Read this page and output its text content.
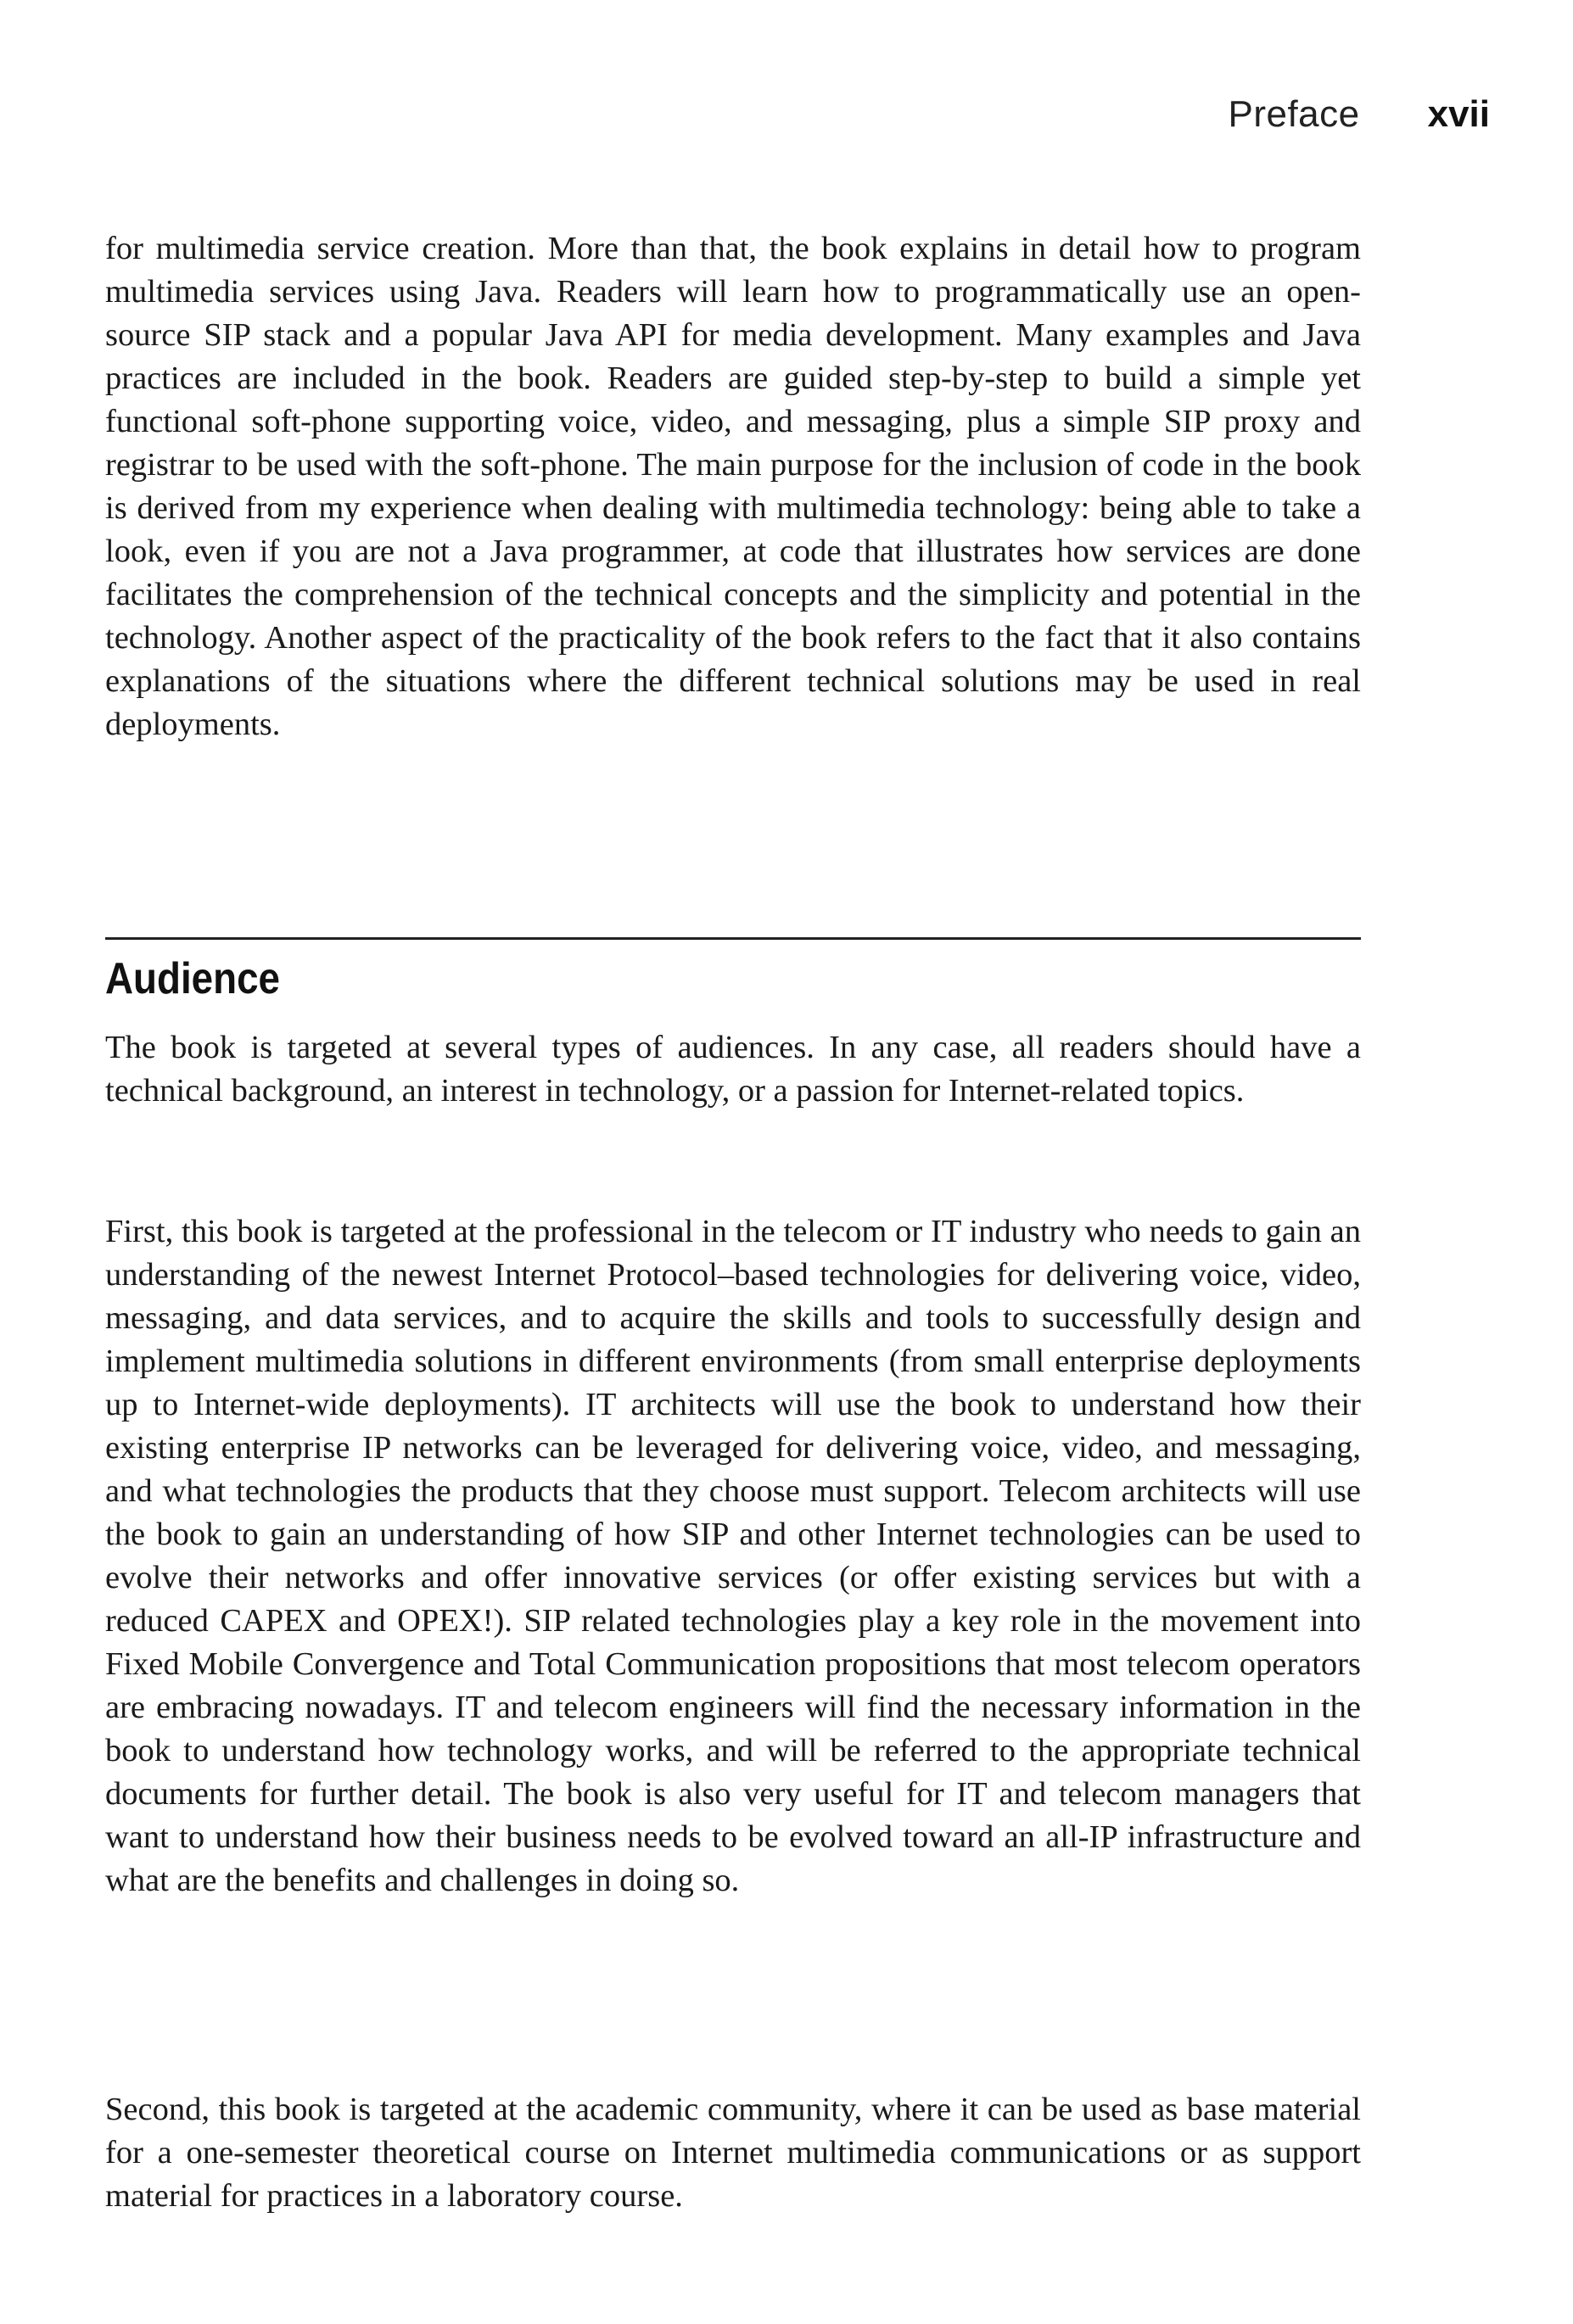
Preface xvii

for multimedia service creation. More than that, the book explains in detail how to program multimedia services using Java. Readers will learn how to programmatically use an open-source SIP stack and a popular Java API for media development. Many examples and Java practices are included in the book. Readers are guided step-by-step to build a simple yet functional soft-phone supporting voice, video, and messaging, plus a simple SIP proxy and registrar to be used with the soft-phone. The main purpose for the inclusion of code in the book is derived from my experience when dealing with multimedia technology: being able to take a look, even if you are not a Java programmer, at code that illustrates how services are done facilitates the comprehension of the technical concepts and the simplicity and potential in the technology. Another aspect of the practicality of the book refers to the fact that it also contains explanations of the situations where the different technical solutions may be used in real deployments.

Audience

The book is targeted at several types of audiences. In any case, all readers should have a technical background, an interest in technology, or a passion for Internet-related topics.

First, this book is targeted at the professional in the telecom or IT industry who needs to gain an understanding of the newest Internet Protocol–based technologies for delivering voice, video, messaging, and data services, and to acquire the skills and tools to successfully design and implement multimedia solutions in different environments (from small enterprise deployments up to Internet-wide deployments). IT architects will use the book to understand how their existing enterprise IP networks can be leveraged for delivering voice, video, and messaging, and what technologies the products that they choose must support. Telecom architects will use the book to gain an understanding of how SIP and other Internet technologies can be used to evolve their networks and offer innovative services (or offer existing services but with a reduced CAPEX and OPEX!). SIP related technologies play a key role in the movement into Fixed Mobile Convergence and Total Communication propositions that most telecom operators are embracing nowadays. IT and telecom engineers will find the necessary information in the book to understand how technology works, and will be referred to the appropriate technical documents for further detail. The book is also very useful for IT and telecom managers that want to understand how their business needs to be evolved toward an all-IP infrastructure and what are the benefits and challenges in doing so.

Second, this book is targeted at the academic community, where it can be used as base material for a one-semester theoretical course on Internet multimedia communications or as support material for practices in a laboratory course.
